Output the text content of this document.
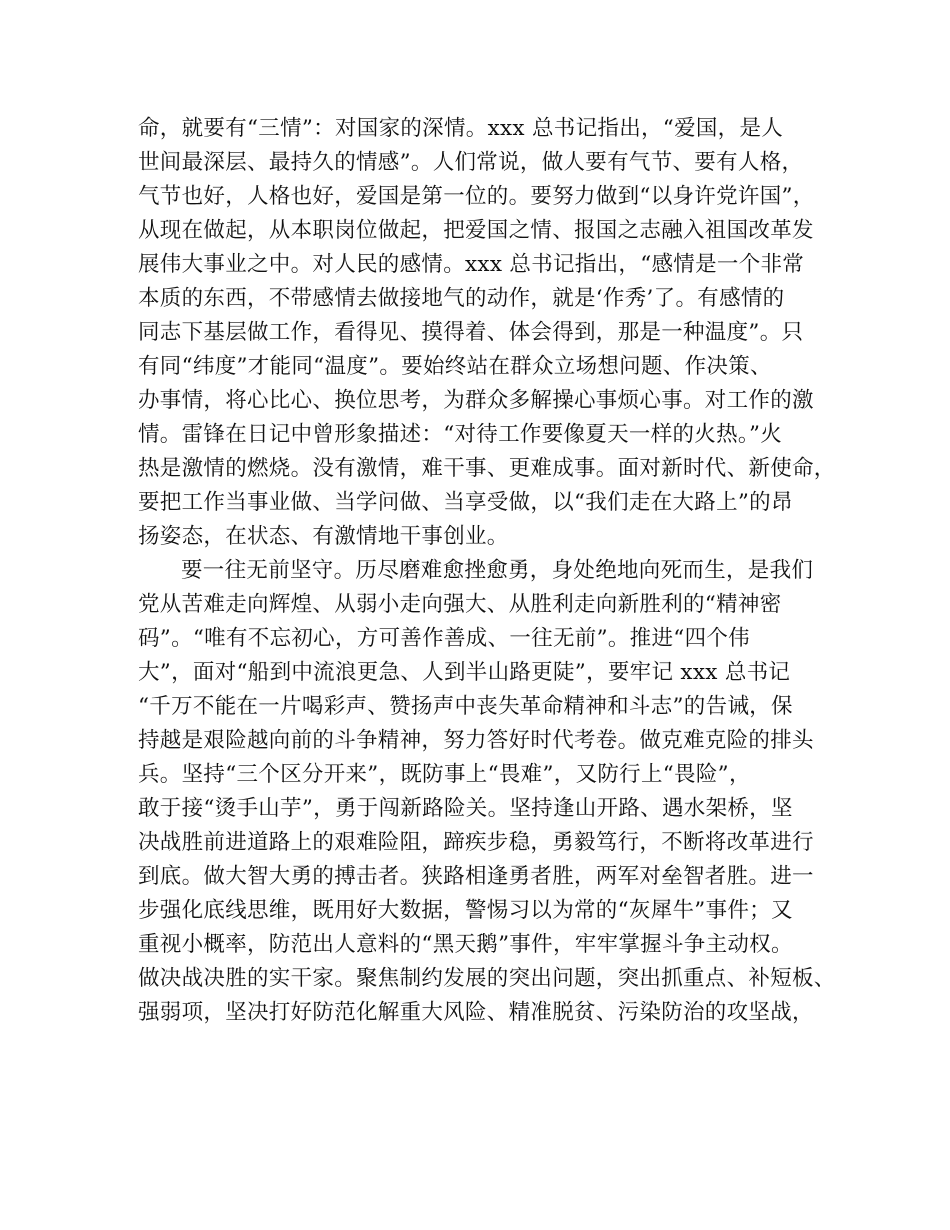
命，就要有“三情”：对国家的深情。xxx 总书记指出，“爱国，是人
世间最深层、最持久的情感”。人们常说，做人要有气节、要有人格，
气节也好，人格也好，爱国是第一位的。要努力做到“以身许党许国”，
从现在做起，从本职岗位做起，把爱国之情、报国之志融入祖国改革发
展伟大事业之中。对人民的感情。xxx 总书记指出，“感情是一个非常
本质的东西，不带感情去做接地气的动作，就是‘作秀’了。有感情的
同志下基层做工作，看得见、摸得着、体会得到，那是一种温度”。只
有同“纬度”才能同“温度”。要始终站在群众立场想问题、作决策、
办事情，将心比心、换位思考，为群众多解操心事烦心事。对工作的激
情。雷锋在日记中曾形象描述：“对待工作要像夏天一样的火热。”火
热是激情的燃烧。没有激情，难干事、更难成事。面对新时代、新使命，
要把工作当事业做、当学问做、当享受做，以“我们走在大路上”的昂
扬姿态，在状态、有激情地干事创业。
要一往无前坚守。历尽磨难愈挫愈勇，身处绝地向死而生，是我们
党从苦难走向辉煌、从弱小走向强大、从胜利走向新胜利的“精神密
码”。“唯有不忘初心，方可善作善成、一往无前”。推进“四个伟
大”，面对“船到中流浪更急、人到半山路更陡”，要牢记 xxx 总书记
“千万不能在一片喝彩声、赞扬声中丧失革命精神和斗志”的告诫，保
持越是艰险越向前的斗争精神，努力答好时代考卷。做克难克险的排头
兵。坚持“三个区分开来”，既防事上“畏难”，又防行上“畏险”，
敢于接“烫手山芋”，勇于闯新路险关。坚持逢山开路、遇水架桥，坚
决战胜前进道路上的艰难险阻，蹄疾步稳，勇毅笃行，不断将改革进行
到底。做大智大勇的搏击者。狭路相逢勇者胜，两军对垒智者胜。进一
步强化底线思维，既用好大数据，警惕习以为常的“灰犀牛”事件；又
重视小概率，防范出人意料的“黑天鹅”事件，牢牢掌握斗争主动权。
做决战决胜的实干家。聚焦制约发展的突出问题，突出抓重点、补短板、
强弱项，坚决打好防范化解重大风险、精准脱贫、污染防治的攻坚战，
